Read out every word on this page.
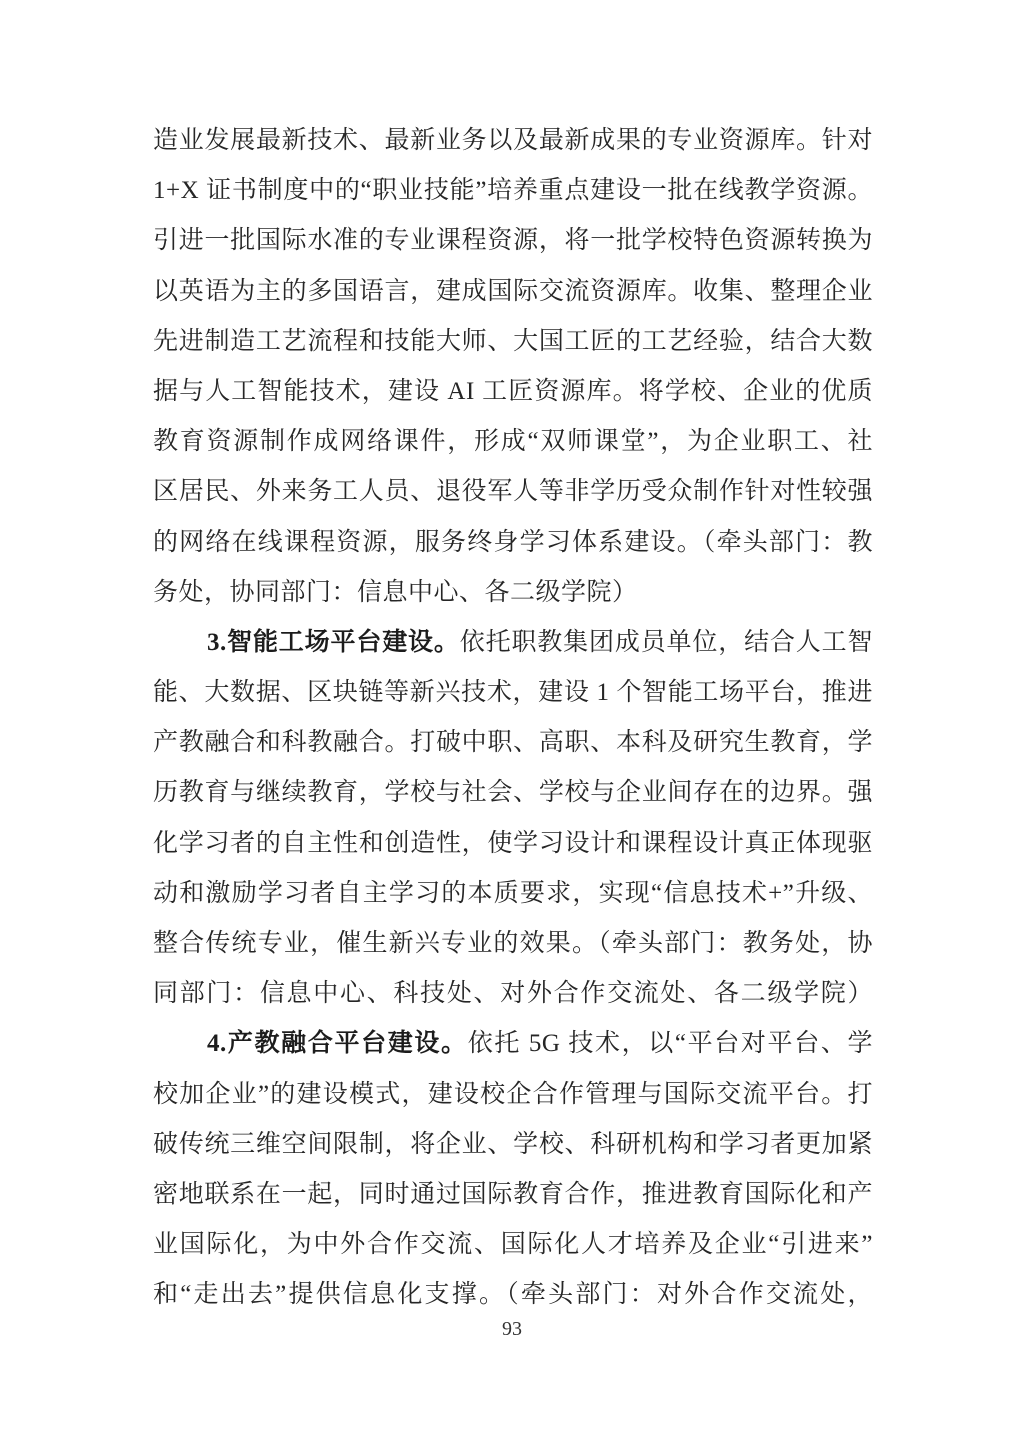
造业发展最新技术、最新业务以及最新成果的专业资源库。针对
1+X 证书制度中的“职业技能”培养重点建设一批在线教学资源。
引进一批国际水准的专业课程资源，将一批学校特色资源转换为
以英语为主的多国语言，建成国际交流资源库。收集、整理企业
先进制造工艺流程和技能大师、大国工匠的工艺经验，结合大数
据与人工智能技术，建设 AI 工匠资源库。将学校、企业的优质
教育资源制作成网络课件，形成“双师课堂”，为企业职工、社
区居民、外来务工人员、退役军人等非学历受众制作针对性较强
的网络在线课程资源，服务终身学习体系建设。（牵头部门：教
务处，协同部门：信息中心、各二级学院）
3.智能工场平台建设。依托职教集团成员单位，结合人工智
能、大数据、区块链等新兴技术，建设 1 个智能工场平台，推进
产教融合和科教融合。打破中职、高职、本科及研究生教育，学
历教育与继续教育，学校与社会、学校与企业间存在的边界。强
化学习者的自主性和创造性，使学习设计和课程设计真正体现驱
动和激励学习者自主学习的本质要求，实现“信息技术+”升级、
整合传统专业，催生新兴专业的效果。（牵头部门：教务处，协
同部门：信息中心、科技处、对外合作交流处、各二级学院）
4.产教融合平台建设。依托 5G 技术，以“平台对平台、学
校加企业”的建设模式，建设校企合作管理与国际交流平台。打
破传统三维空间限制，将企业、学校、科研机构和学习者更加紧
密地联系在一起，同时通过国际教育合作，推进教育国际化和产
业国际化，为中外合作交流、国际化人才培养及企业“引进来”
和“走出去”提供信息化支撑。（牵头部门：对外合作交流处，
93
